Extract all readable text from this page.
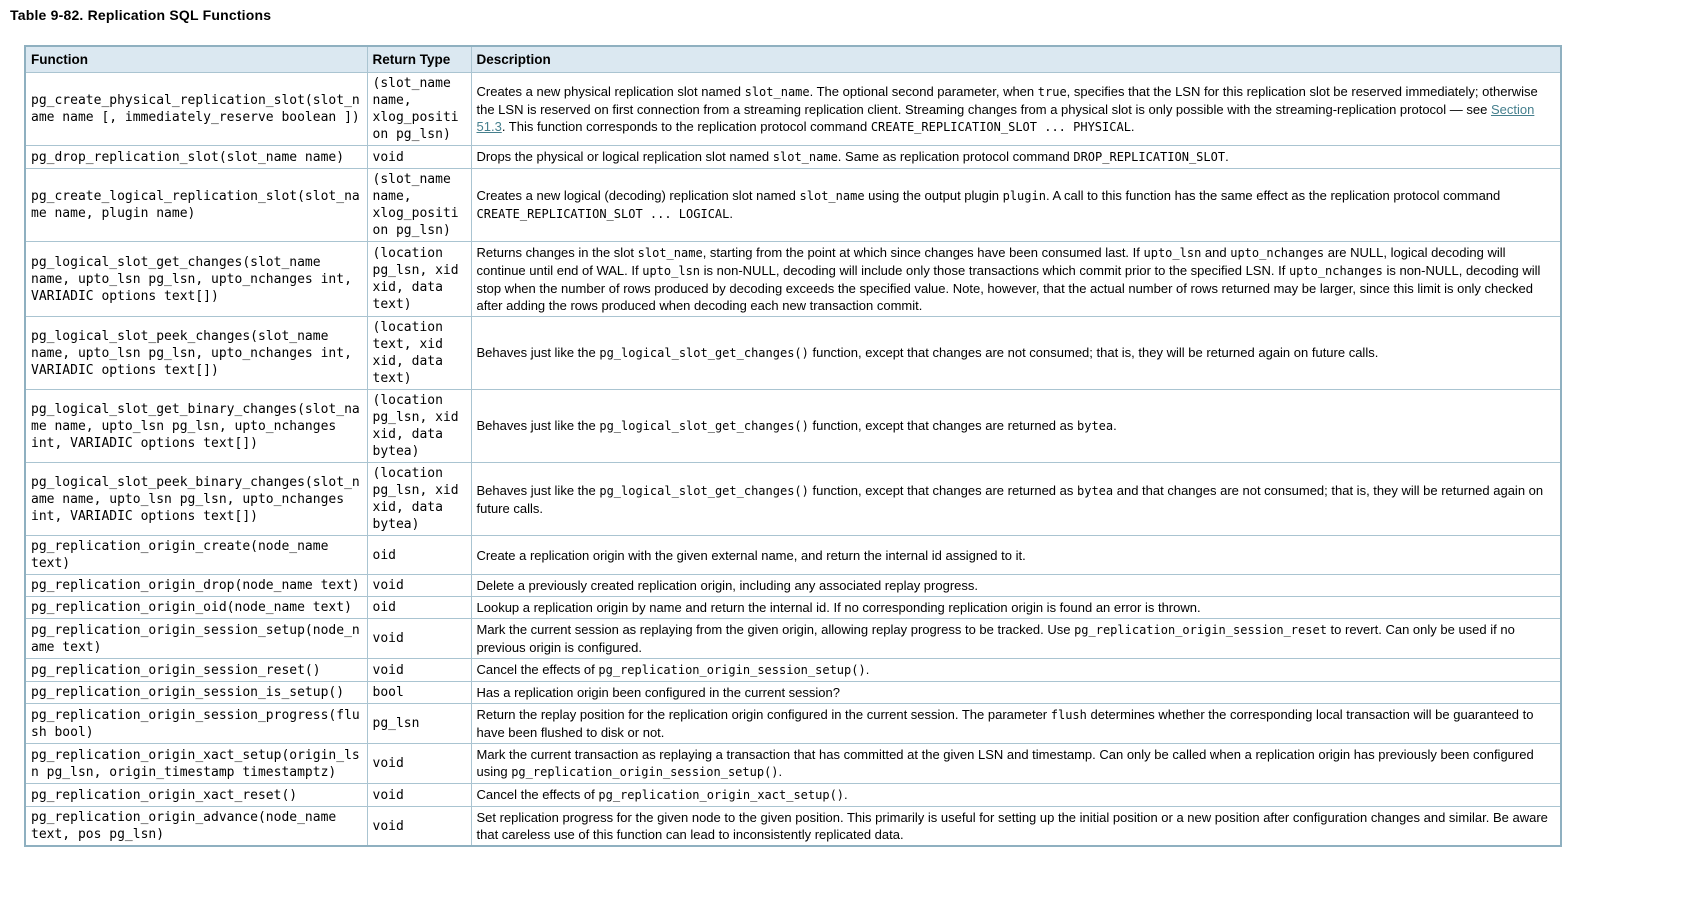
Table 9-82. Replication SQL Functions
Function	Return Type	Description
pg_create_physical_replication_slot(slot_name name [, immediately_reserve boolean ])	(slot_name name, xlog_position pg_lsn)	Creates a new physical replication slot named slot_name. The optional second parameter, when true, specifies that the LSN for this replication slot be reserved immediately; otherwise the LSN is reserved on first connection from a streaming replication client. Streaming changes from a physical slot is only possible with the streaming-replication protocol — see Section 51.3. This function corresponds to the replication protocol command CREATE_REPLICATION_SLOT ... PHYSICAL.
pg_drop_replication_slot(slot_name name)	void	Drops the physical or logical replication slot named slot_name. Same as replication protocol command DROP_REPLICATION_SLOT.
pg_create_logical_replication_slot(slot_name name, plugin name)	(slot_name name, xlog_position pg_lsn)	Creates a new logical (decoding) replication slot named slot_name using the output plugin plugin. A call to this function has the same effect as the replication protocol command CREATE_REPLICATION_SLOT ... LOGICAL.
pg_logical_slot_get_changes(slot_name name, upto_lsn pg_lsn, upto_nchanges int, VARIADIC options text[])	(location pg_lsn, xid xid, data text)	Returns changes in the slot slot_name, starting from the point at which since changes have been consumed last. If upto_lsn and upto_nchanges are NULL, logical decoding will continue until end of WAL. If upto_lsn is non-NULL, decoding will include only those transactions which commit prior to the specified LSN. If upto_nchanges is non-NULL, decoding will stop when the number of rows produced by decoding exceeds the specified value. Note, however, that the actual number of rows returned may be larger, since this limit is only checked after adding the rows produced when decoding each new transaction commit.
pg_logical_slot_peek_changes(slot_name name, upto_lsn pg_lsn, upto_nchanges int, VARIADIC options text[])	(location text, xid xid, data text)	Behaves just like the pg_logical_slot_get_changes() function, except that changes are not consumed; that is, they will be returned again on future calls.
pg_logical_slot_get_binary_changes(slot_name name, upto_lsn pg_lsn, upto_nchanges int, VARIADIC options text[])	(location pg_lsn, xid xid, data bytea)	Behaves just like the pg_logical_slot_get_changes() function, except that changes are returned as bytea.
pg_logical_slot_peek_binary_changes(slot_name name, upto_lsn pg_lsn, upto_nchanges int, VARIADIC options text[])	(location pg_lsn, xid xid, data bytea)	Behaves just like the pg_logical_slot_get_changes() function, except that changes are returned as bytea and that changes are not consumed; that is, they will be returned again on future calls.
pg_replication_origin_create(node_name text)	oid	Create a replication origin with the given external name, and return the internal id assigned to it.
pg_replication_origin_drop(node_name text)	void	Delete a previously created replication origin, including any associated replay progress.
pg_replication_origin_oid(node_name text)	oid	Lookup a replication origin by name and return the internal id. If no corresponding replication origin is found an error is thrown.
pg_replication_origin_session_setup(node_name text)	void	Mark the current session as replaying from the given origin, allowing replay progress to be tracked. Use pg_replication_origin_session_reset to revert. Can only be used if no previous origin is configured.
pg_replication_origin_session_reset()	void	Cancel the effects of pg_replication_origin_session_setup().
pg_replication_origin_session_is_setup()	bool	Has a replication origin been configured in the current session?
pg_replication_origin_session_progress(flush bool)	pg_lsn	Return the replay position for the replication origin configured in the current session. The parameter flush determines whether the corresponding local transaction will be guaranteed to have been flushed to disk or not.
pg_replication_origin_xact_setup(origin_lsn pg_lsn, origin_timestamp timestamptz)	void	Mark the current transaction as replaying a transaction that has committed at the given LSN and timestamp. Can only be called when a replication origin has previously been configured using pg_replication_origin_session_setup().
pg_replication_origin_xact_reset()	void	Cancel the effects of pg_replication_origin_xact_setup().
pg_replication_origin_advance(node_name text, pos pg_lsn)	void	Set replication progress for the given node to the given position. This primarily is useful for setting up the initial position or a new position after configuration changes and similar. Be aware that careless use of this function can lead to inconsistently replicated data.
